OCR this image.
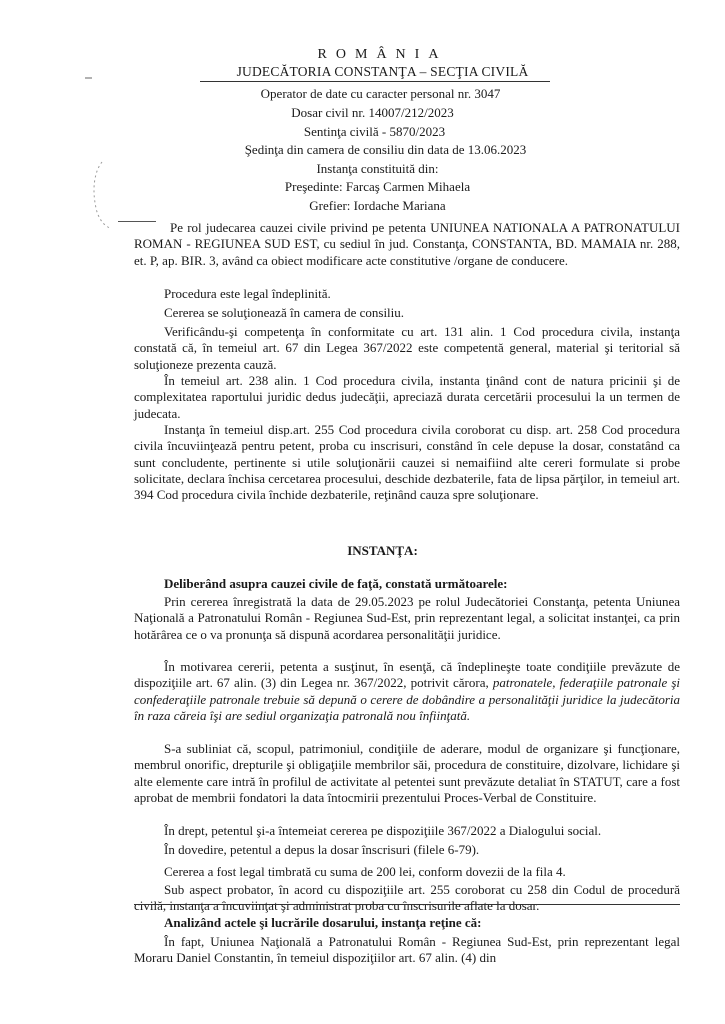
ROMÂNIA
JUDECĂTORIA CONSTANŢA – SECŢIA CIVILĂ
Operator de date cu caracter personal nr. 3047
Dosar civil nr. 14007/212/2023
Sentinţa civilă - 5870/2023
Şedinţa din camera de consiliu din data de 13.06.2023
Instanţa constituită din:
Preşedinte: Farcaş Carmen Mihaela
Grefier: Iordache Mariana
Pe rol judecarea cauzei civile privind pe petenta UNIUNEA NATIONALA A PATRONATULUI ROMAN - REGIUNEA SUD EST, cu sediul în jud. Constanţa, CONSTANTA, BD. MAMAIA nr. 288, et. P, ap. BIR. 3, având ca obiect modificare acte constitutive /organe de conducere.
Procedura este legal îndeplinită.
Cererea se soluţionează în camera de consiliu.
Verificându-şi competenţa în conformitate cu art. 131 alin. 1 Cod procedura civila, instanţa constată că, în temeiul art. 67 din Legea 367/2022 este competentă general, material şi teritorial să soluţioneze prezenta cauză.
În temeiul art. 238 alin. 1 Cod procedura civila, instanta ţinând cont de natura pricinii şi de complexitatea raportului juridic dedus judecăţii, apreciază durata cercetării procesului la un termen de judecata.
Instanţa în temeiul disp.art. 255 Cod procedura civila coroborat cu disp. art. 258 Cod procedura civila încuviinţează pentru petent, proba cu inscrisuri, constând în cele depuse la dosar, constatând ca sunt concludente, pertinente si utile soluţionării cauzei si nemaifiind alte cereri formulate si probe solicitate, declara închisa cercetarea procesului, deschide dezbaterile, fata de lipsa părţilor, in temeiul art. 394 Cod procedura civila închide dezbaterile, reţinând cauza spre soluţionare.
INSTANŢA:
Deliberând asupra cauzei civile de faţă, constată următoarele:
Prin cererea înregistrată la data de 29.05.2023 pe rolul Judecătoriei Constanţa, petenta Uniunea Naţională a Patronatului Român - Regiunea Sud-Est, prin reprezentant legal, a solicitat instanţei, ca prin hotărârea ce o va pronunţa să dispună acordarea personalităţii juridice.
În motivarea cererii, petenta a susţinut, în esenţă, că îndeplineşte toate condiţiile prevăzute de dispoziţiile art. 67 alin. (3) din Legea nr. 367/2022, potrivit cărora, patronatele, federaţiile patronale şi confederaţiile patronale trebuie să depună o cerere de dobândire a personalităţii juridice la judecătoria în raza căreia îşi are sediul organizaţia patronală nou înfiinţată.
S-a subliniat că, scopul, patrimoniul, condiţiile de aderare, modul de organizare şi funcţionare, membrul onorific, drepturile şi obligaţiile membrilor săi, procedura de constituire, dizolvare, lichidare şi alte elemente care intră în profilul de activitate al petentei sunt prevăzute detaliat în STATUT, care a fost aprobat de membrii fondatori la data întocmirii prezentului Proces-Verbal de Constituire.
În drept, petentul şi-a întemeiat cererea pe dispoziţiile 367/2022 a Dialogului social.
În dovedire, petentul a depus la dosar înscrisuri (filele 6-79).
Cererea a fost legal timbrată cu suma de 200 lei, conform dovezii de la fila 4.
Sub aspect probator, în acord cu dispoziţiile art. 255 coroborat cu 258 din Codul de procedură civilă, instanţa a încuviinţat şi administrat proba cu înscrisurile aflate la dosar.
Analizând actele şi lucrările dosarului, instanţa reţine că:
În fapt, Uniunea Naţională a Patronatului Român - Regiunea Sud-Est, prin reprezentant legal Moraru Daniel Constantin, în temeiul dispoziţiilor art. 67 alin. (4) din
